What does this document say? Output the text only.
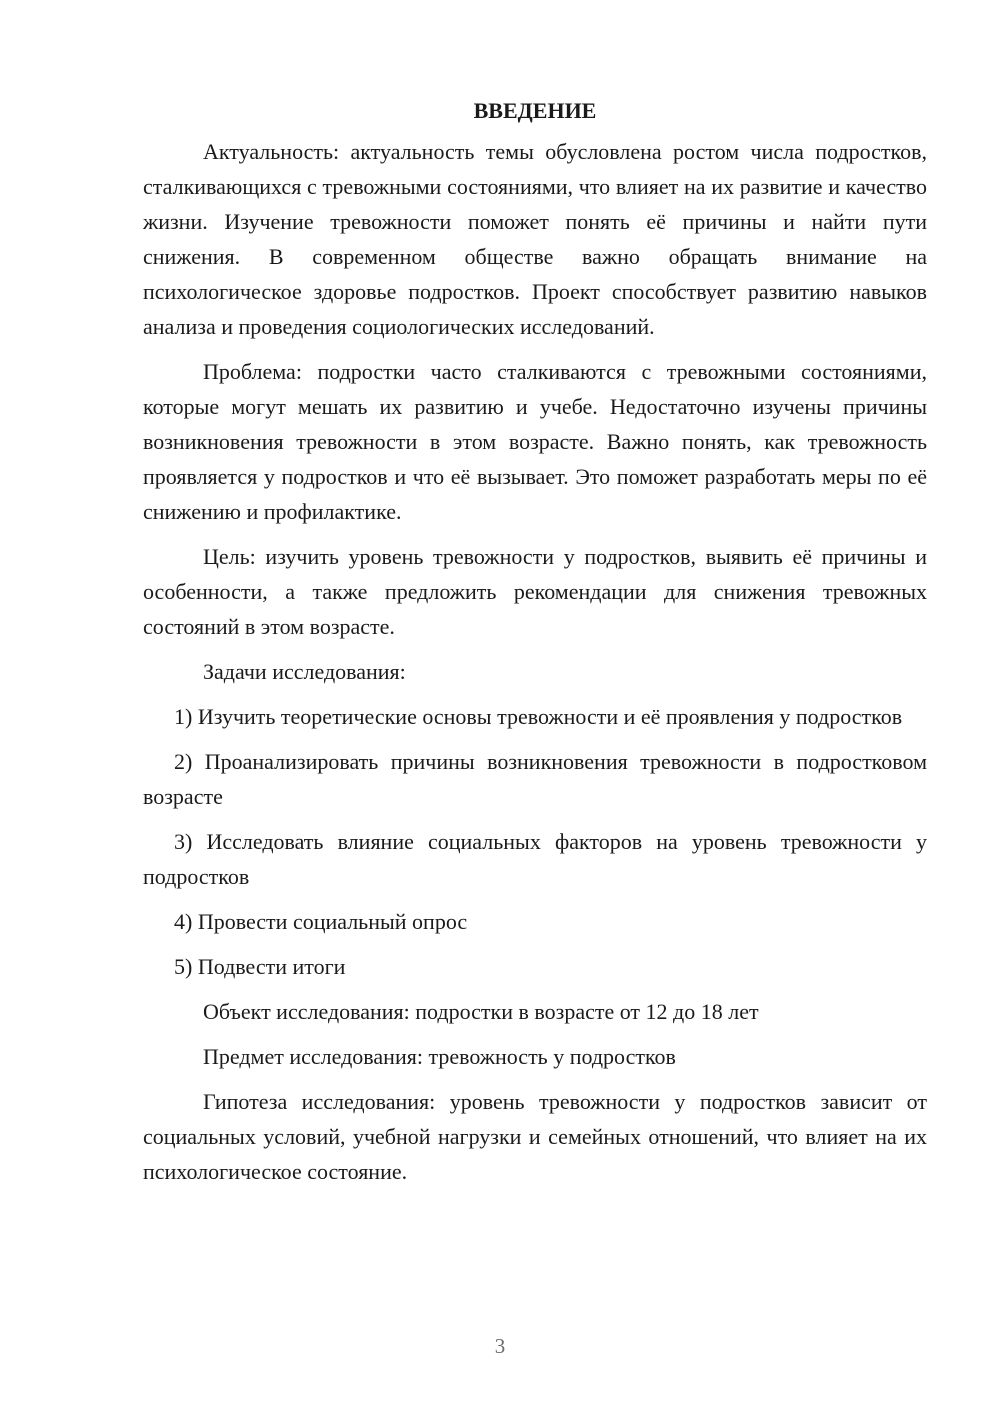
ВВЕДЕНИЕ

Актуальность: актуальность темы обусловлена ростом числа подростков, сталкивающихся с тревожными состояниями, что влияет на их развитие и качество жизни. Изучение тревожности поможет понять её причины и найти пути снижения. В современном обществе важно обращать внимание на психологическое здоровье подростков. Проект способствует развитию навыков анализа и проведения социологических исследований.

Проблема: подростки часто сталкиваются с тревожными состояниями, которые могут мешать их развитию и учебе. Недостаточно изучены причины возникновения тревожности в этом возрасте. Важно понять, как тревожность проявляется у подростков и что её вызывает. Это поможет разработать меры по её снижению и профилактике.

Цель: изучить уровень тревожности у подростков, выявить её причины и особенности, а также предложить рекомендации для снижения тревожных состояний в этом возрасте.

Задачи исследования:

1) Изучить теоретические основы тревожности и её проявления у подростков

2) Проанализировать причины возникновения тревожности в подростковом возрасте

3) Исследовать влияние социальных факторов на уровень тревожности у подростков

4) Провести социальный опрос

5) Подвести итоги

Объект исследования: подростки в возрасте от 12 до 18 лет

Предмет исследования: тревожность у подростков

Гипотеза исследования: уровень тревожности у подростков зависит от социальных условий, учебной нагрузки и семейных отношений, что влияет на их психологическое состояние.

3
